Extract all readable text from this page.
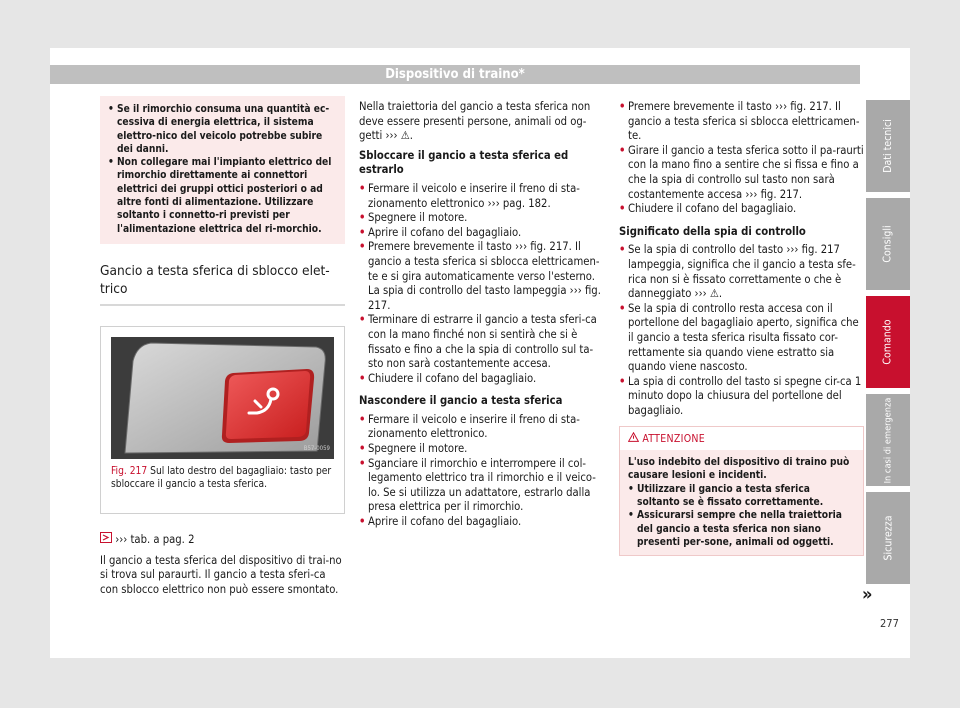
Dispositivo di traino*
• Se il rimorchio consuma una quantità ec-cessiva di energia elettrica, il sistema elettro-nico del veicolo potrebbe subire dei danni.
• Non collegare mai l'impianto elettrico del rimorchio direttamente ai connettori elettrici dei gruppi ottici posteriori o ad altre fonti di alimentazione. Utilizzare soltanto i connetto-ri previsti per l'alimentazione elettrica del ri-morchio.
Gancio a testa sferica di sblocco elet-trico
B57-0059
Fig. 217 Sul lato destro del bagagliaio: tasto per sbloccare il gancio a testa sferica.
››› tab. a pag. 2

Il gancio a testa sferica del dispositivo di trai-no si trova sul paraurti. Il gancio a testa sferi-ca con sblocco elettrico non può essere smontato.

Nella traiettoria del gancio a testa sferica non deve essere presenti persone, animali od og-getti ››› ⚠.

Sbloccare il gancio a testa sferica ed estrarlo

• Fermare il veicolo e inserire il freno di sta-zionamento elettronico ››› pag. 182.
• Spegnere il motore.
• Aprire il cofano del bagagliaio.
• Premere brevemente il tasto ››› fig. 217. Il gancio a testa sferica si sblocca elettricamen-te e si gira automaticamente verso l'esterno. La spia di controllo del tasto lampeggia ››› fig. 217.
• Terminare di estrarre il gancio a testa sferi-ca con la mano finché non si sentirà che si è fissato e fino a che la spia di controllo sul ta-sto non sarà costantemente accesa.
• Chiudere il cofano del bagagliaio.

Nascondere il gancio a testa sferica

• Fermare il veicolo e inserire il freno di sta-zionamento elettronico.
• Spegnere il motore.
• Sganciare il rimorchio e interrompere il col-legamento elettrico tra il rimorchio e il veico-lo. Se si utilizza un adattatore, estrarlo dalla presa elettrica per il rimorchio.
• Aprire il cofano del bagagliaio.
• Premere brevemente il tasto ››› fig. 217. Il gancio a testa sferica si sblocca elettricamen-te.
• Girare il gancio a testa sferica sotto il pa-raurti con la mano fino a sentire che si fissa e fino a che la spia di controllo sul tasto non sarà costantemente accesa ››› fig. 217.
• Chiudere il cofano del bagagliaio.

Significato della spia di controllo

• Se la spia di controllo del tasto ››› fig. 217 lampeggia, significa che il gancio a testa sfe-rica non si è fissato correttamente o che è danneggiato ››› ⚠.
• Se la spia di controllo resta accesa con il portellone del bagagliaio aperto, significa che il gancio a testa sferica risulta fissato cor-rettamente sia quando viene estratto sia quando viene nascosto.
• La spia di controllo del tasto si spegne cir-ca 1 minuto dopo la chiusura del portellone del bagagliaio.
ATTENZIONE
L'uso indebito del dispositivo di traino può causare lesioni e incidenti.
• Utilizzare il gancio a testa sferica soltanto se è fissato correttamente.
• Assicurarsi sempre che nella traiettoria del gancio a testa sferica non siano presenti per-sone, animali od oggetti.
Dati tecnici
Consigli
Comando
In casi di emergenza
Sicurezza
»
277
